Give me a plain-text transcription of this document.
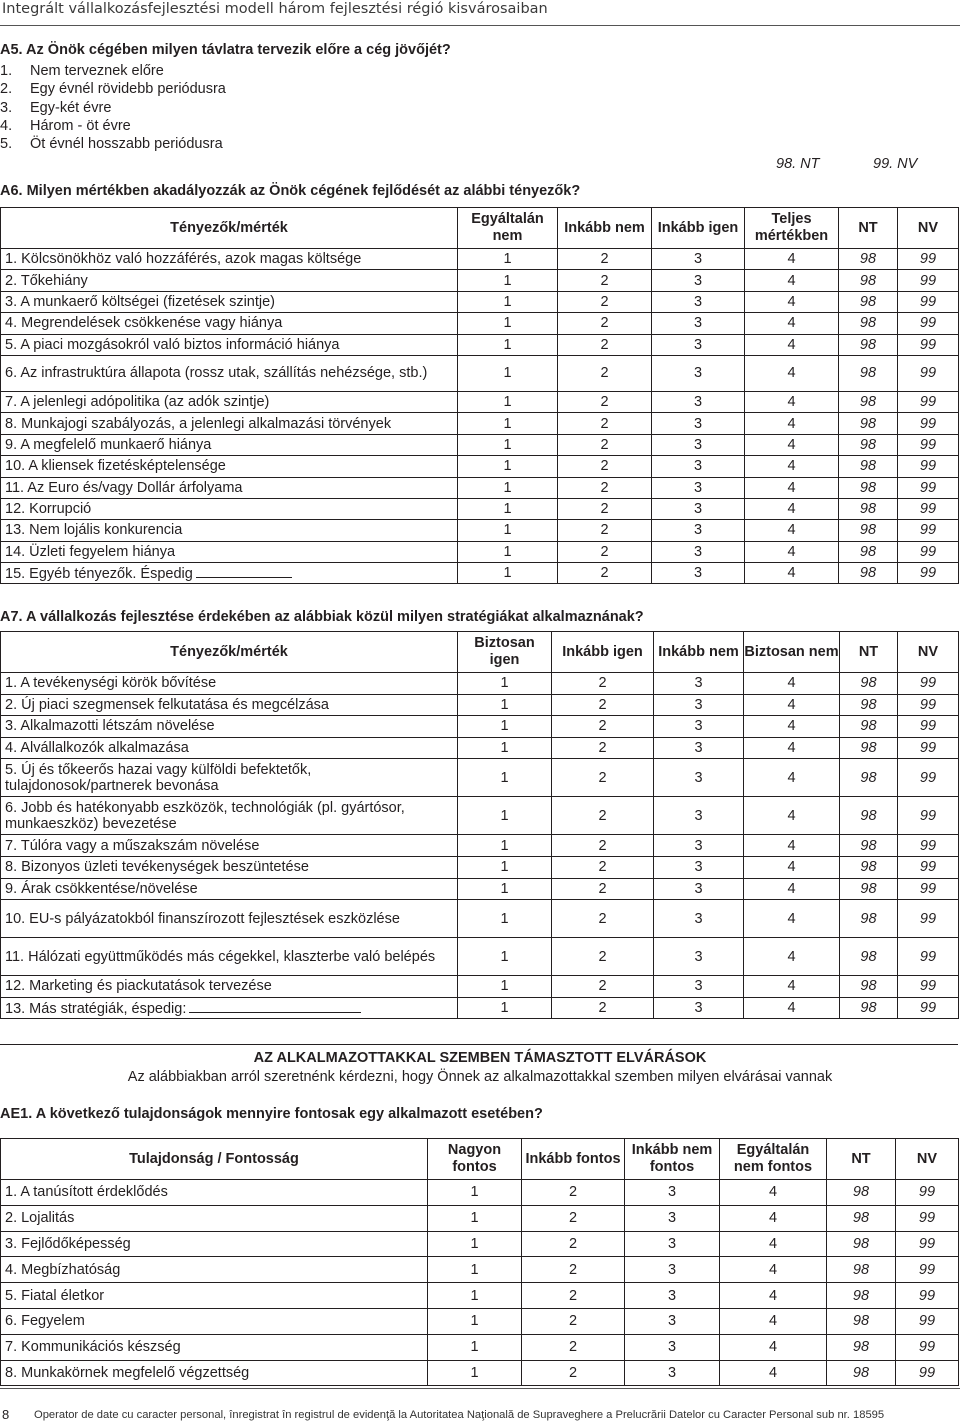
Integrált vállalkozásfejlesztési modell három fejlesztési régió kisvárosaiban
A5. Az Önök cégében milyen távlatra tervezik előre a cég jövőjét?
1. Nem terveznek előre
2. Egy évnél rövidebb periódusra
3. Egy-két évre
4. Három - öt évre
5. Öt évnél hosszabb periódusra
98. NT	99. NV
A6. Milyen mértékben akadályozzák az Önök cégének fejlődését az alábbi tényezők?
Tényezők/mérték	Egyáltalán nem	Inkább nem	Inkább igen	Teljes mértékben	NT	NV
1. Kölcsönökhöz való hozzáférés, azok magas költsége	1	2	3	4	98	99
2. Tőkehiány	1	2	3	4	98	99
3. A munkaerő költségei (fizetések szintje)	1	2	3	4	98	99
4. Megrendelések csökkenése vagy hiánya	1	2	3	4	98	99
5. A piaci mozgásokról való biztos információ hiánya	1	2	3	4	98	99
6. Az infrastruktúra állapota (rossz utak, szállítás nehézsége, stb.)	1	2	3	4	98	99
7. A jelenlegi adópolitika (az adók szintje)	1	2	3	4	98	99
8. Munkajogi szabályozás, a jelenlegi alkalmazási törvények	1	2	3	4	98	99
9. A megfelelő munkaerő hiánya	1	2	3	4	98	99
10. A kliensek fizetésképtelensége	1	2	3	4	98	99
11. Az Euro és/vagy Dollár árfolyama	1	2	3	4	98	99
12. Korrupció	1	2	3	4	98	99
13. Nem lojális konkurencia	1	2	3	4	98	99
14. Üzleti fegyelem hiánya	1	2	3	4	98	99
15. Egyéb tényezők. Éspedig	1	2	3	4	98	99
A7. A vállalkozás fejlesztése érdekében az alábbiak közül milyen stratégiákat alkalmaznának?
Tényezők/mérték	Biztosan igen	Inkább igen	Inkább nem	Biztosan nem	NT	NV
1. A tevékenységi körök bővítése	1	2	3	4	98	99
2. Új piaci szegmensek felkutatása és megcélzása	1	2	3	4	98	99
3. Alkalmazotti létszám növelése	1	2	3	4	98	99
4. Alvállalkozók alkalmazása	1	2	3	4	98	99
5. Új és tőkeerős hazai vagy külföldi befektetők, tulajdonosok/partnerek bevonása	1	2	3	4	98	99
6. Jobb és hatékonyabb eszközök, technológiák (pl. gyártósor, munkaeszköz) bevezetése	1	2	3	4	98	99
7. Túlóra vagy a műszakszám növelése	1	2	3	4	98	99
8. Bizonyos üzleti tevékenységek beszüntetése	1	2	3	4	98	99
9. Árak csökkentése/növelése	1	2	3	4	98	99
10. EU-s pályázatokból finanszírozott fejlesztések eszközlése	1	2	3	4	98	99
11. Hálózati együttműködés más cégekkel, klaszterbe való belépés	1	2	3	4	98	99
12. Marketing és piackutatások tervezése	1	2	3	4	98	99
13. Más stratégiák, éspedig:	1	2	3	4	98	99
AZ ALKALMAZOTTAKKAL SZEMBEN TÁMASZTOTT ELVÁRÁSOK
Az alábbiakban arról szeretnénk kérdezni, hogy Önnek az alkalmazottakkal szemben milyen elvárásai vannak
AE1. A következő tulajdonságok mennyire fontosak egy alkalmazott esetében?
Tulajdonság / Fontosság	Nagyon fontos	Inkább fontos	Inkább nem fontos	Egyáltalán nem fontos	NT	NV
1. A tanúsított érdeklődés	1	2	3	4	98	99
2. Lojalitás	1	2	3	4	98	99
3. Fejlődőképesség	1	2	3	4	98	99
4. Megbízhatóság	1	2	3	4	98	99
5. Fiatal életkor	1	2	3	4	98	99
6. Fegyelem	1	2	3	4	98	99
7. Kommunikációs készség	1	2	3	4	98	99
8. Munkakörnek megfelelő végzettség	1	2	3	4	98	99
8 Operator de date cu caracter personal, înregistrat în registrul de evidenţă la Autoritatea Naţională de Supraveghere a Prelucrării Datelor cu Caracter Personal sub nr. 18595
